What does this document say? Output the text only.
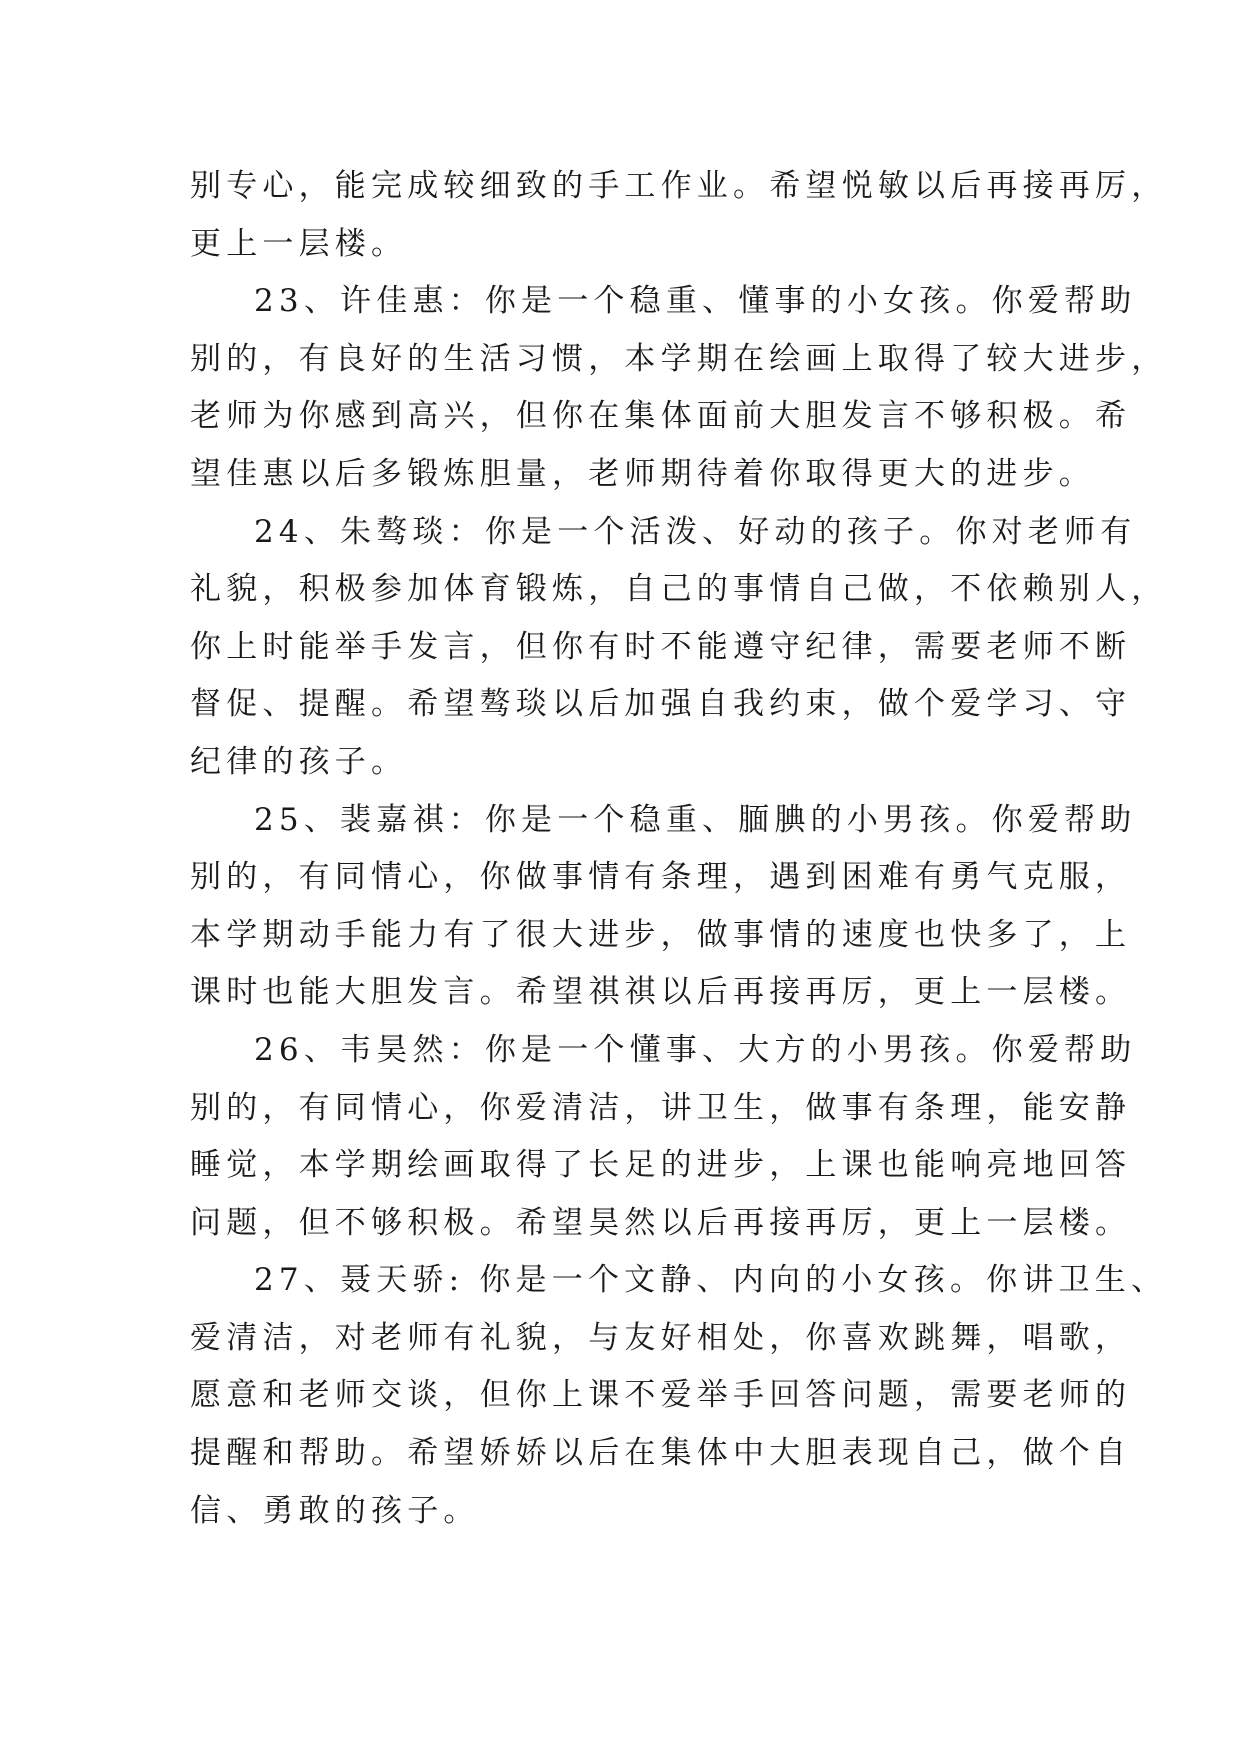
别专心，能完成较细致的手工作业。希望悦敏以后再接再厉，
更上一层楼。
23、许佳惠：你是一个稳重、懂事的小女孩。你爱帮助
别的，有良好的生活习惯，本学期在绘画上取得了较大进步，
老师为你感到高兴，但你在集体面前大胆发言不够积极。希
望佳惠以后多锻炼胆量，老师期待着你取得更大的进步。
24、朱骜琰：你是一个活泼、好动的孩子。你对老师有
礼貌，积极参加体育锻炼，自己的事情自己做，不依赖别人，
你上时能举手发言，但你有时不能遵守纪律，需要老师不断
督促、提醒。希望骜琰以后加强自我约束，做个爱学习、守
纪律的孩子。
25、裴嘉祺：你是一个稳重、腼腆的小男孩。你爱帮助
别的，有同情心，你做事情有条理，遇到困难有勇气克服，
本学期动手能力有了很大进步，做事情的速度也快多了，上
课时也能大胆发言。希望祺祺以后再接再厉，更上一层楼。
26、韦昊然：你是一个懂事、大方的小男孩。你爱帮助
别的，有同情心，你爱清洁，讲卫生，做事有条理，能安静
睡觉，本学期绘画取得了长足的进步，上课也能响亮地回答
问题，但不够积极。希望昊然以后再接再厉，更上一层楼。
27、聂天骄: 你是一个文静、内向的小女孩。你讲卫生、
爱清洁，对老师有礼貌，与友好相处，你喜欢跳舞，唱歌，
愿意和老师交谈，但你上课不爱举手回答问题，需要老师的
提醒和帮助。希望娇娇以后在集体中大胆表现自己，做个自
信、勇敢的孩子。
